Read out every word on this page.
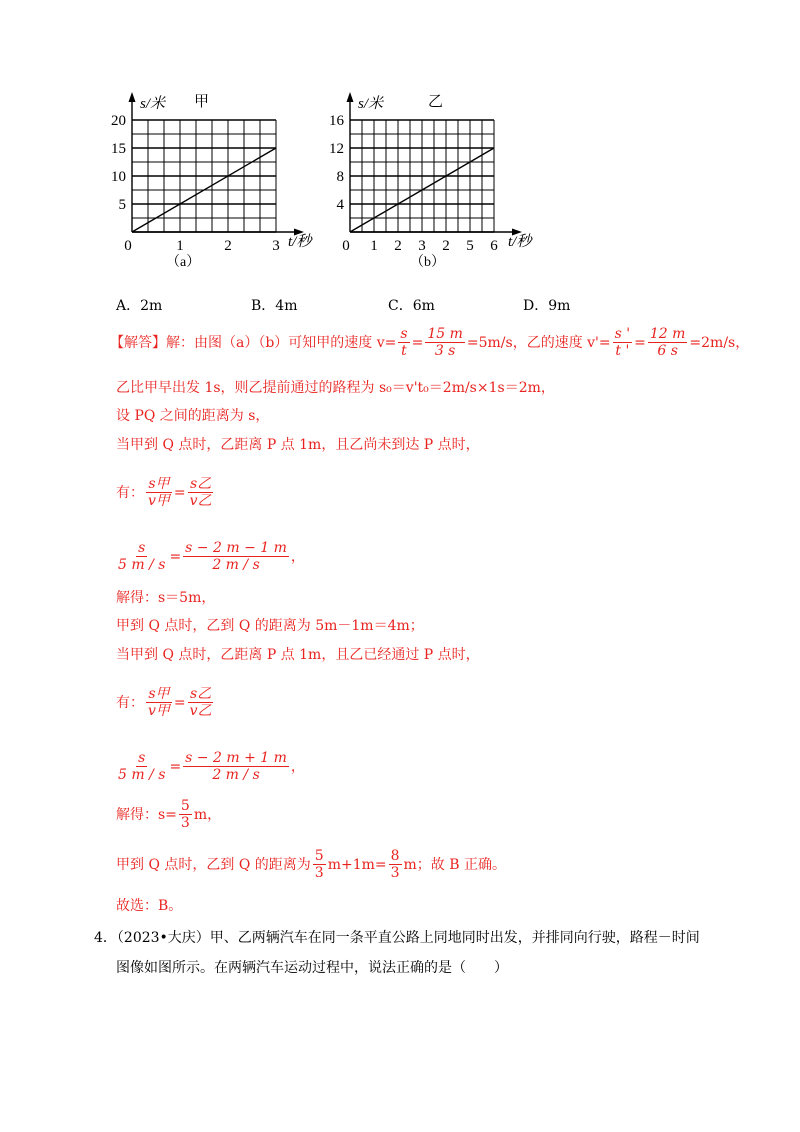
20
15
10
5
0	1	2	3
s/米 甲
t/秒
（a）
16
12
8
4
0 1 2 3 2 5 6
s/米	乙
t/秒
（b）
A．2m	B．4m	C．6m	D．9m
【解答】 解：由图（a）（b）可知甲的速度 $v= \frac{s}{t} = \frac{15 m}{3 s} =5m/s$，乙的速度 $v'= \frac{s '}{t '} = \frac{12 m}{6 s} =2m/s$，
乙比甲早出发 1s，则乙提前通过的路程为 s₀＝v't₀＝2m/s×1s＝2m，
设 PQ 之间的距离为 s，
当甲到 Q 点时，乙距离 P 点 1m，且乙尚未到达 P 点时，
有： $\frac{\text{s甲}}{\text{v甲}} = \frac{\text{s乙}}{\text{v乙}}$
$\frac{s}{5 m / s} = \frac{s - 2 m - 1 m}{2 m / s}$ ，
解得：s＝5m，
甲到 Q 点时，乙到 Q 的距离为 5m－1m＝4m；
当甲到 Q 点时，乙距离 P 点 1m，且乙已经通过 P 点时，
有： $\frac{\text{s甲}}{\text{v甲}} = \frac{\text{s乙}}{\text{v乙}}$
$\frac{s}{5 m / s} = \frac{s - 2 m + 1 m}{2 m / s}$ ，
解得：$s= \frac{5}{3}$ m，
甲到 Q 点时，乙到 Q 的距离为 $\frac{5}{3} m+1m= \frac{8}{3}$ m；故 B 正确。
故选：B。
4．（2023•大庆）甲、乙两辆汽车在同一条平直公路上同地同时出发，并排同向行驶，路程－时间
图像如图所示。在两辆汽车运动过程中，说法正确的是（　　）
